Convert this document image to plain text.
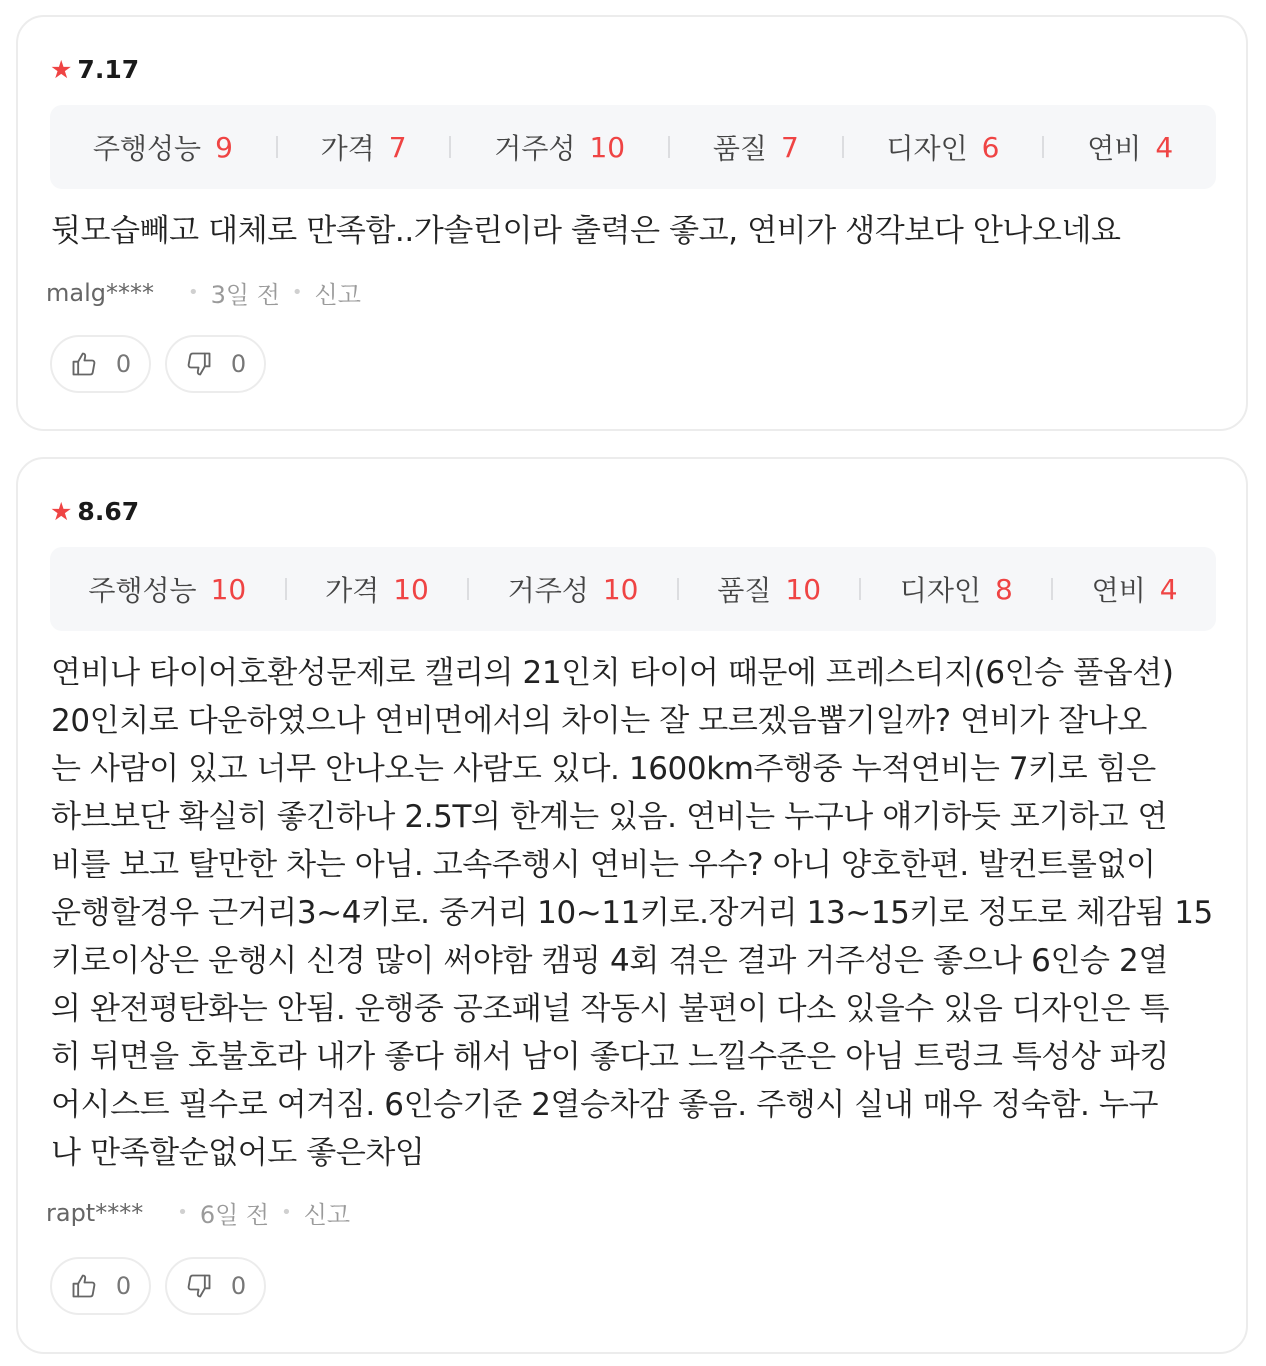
★ 7.17
주행성능 9	가격 7	거주성 10	품질 7	디자인 6	연비 4
뒷모습빼고 대체로 만족함..가솔린이라 출력은 좋고, 연비가 생각보다 안나오네요
malg**** • 3일 전 • 신고
0	0
★ 8.67
주행성능 10	가격 10	거주성 10	품질 10	디자인 8	연비 4
연비나 타이어호환성문제로 캘리의 21인치 타이어 때문에 프레스티지(6인승 풀옵션)
20인치로 다운하였으나 연비면에서의 차이는 잘 모르겠음뽑기일까? 연비가 잘나오
는 사람이 있고 너무 안나오는 사람도 있다. 1600km주행중 누적연비는 7키로 힘은
하브보단 확실히 좋긴하나 2.5T의 한계는 있음. 연비는 누구나 얘기하듯 포기하고 연
비를 보고 탈만한 차는 아님. 고속주행시 연비는 우수? 아니 양호한편. 발컨트롤없이
운행할경우 근거리3~4키로. 중거리 10~11키로.장거리 13~15키로 정도로 체감됨 15
키로이상은 운행시 신경 많이 써야함 캠핑 4회 겪은 결과 거주성은 좋으나 6인승 2열
의 완전평탄화는 안됨. 운행중 공조패널 작동시 불편이 다소 있을수 있음 디자인은 특
히 뒤면을 호불호라 내가 좋다 해서 남이 좋다고 느낄수준은 아님 트렁크 특성상 파킹
어시스트 필수로 여겨짐. 6인승기준 2열승차감 좋음. 주행시 실내 매우 정숙함. 누구
나 만족할순없어도 좋은차임
rapt**** • 6일 전 • 신고
0	0
